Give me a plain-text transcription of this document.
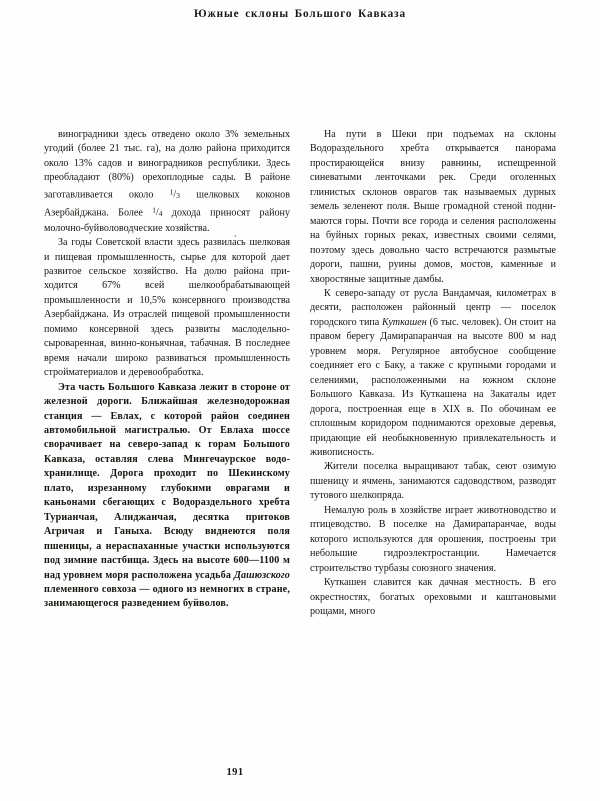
Южные склоны Большого Кавказа

виноградники здесь отведено около 3% земельных угодий (более 21 тыс. га), на долю района приходится около 13% садов и виноградников республики. Здесь преобладают (80%) орехоплодные сады. В районе заготавливается около $^1/_3$ шелковых коконов Азербайджана. Более $^1/_4$ дохода приносят району молочно-буйволоводческие хозяйства.

За годы Советской власти здесь развила́сь шелковая и пищевая промышленность, сырье для которой дает развитое сельское хозяйство. На долю района приходится 67% всей шелкообрабатывающей промышленности и 10,5% консервного производства Азербайджана. Из отраслей пищевой промышленности помимо консервной здесь развиты маслодельно-сыроваренная, винно-коньячная, табачная. В последнее время начали широко развиваться промышленность стройматериалов и деревообработка.

Эта часть Большого Кавказа лежит в стороне от железной дороги. Ближайшая железнодорожная станция — Евлах, с которой район соединен автомобильной магистралью. От Евлаха шоссе сворачивает на северо-запад к горам Большого Кавказа, оставляя слева Мингечаурское водохранилище. Дорога проходит по Шекинскому плато, изрезанному глубокими оврагами и каньонами сбегающих с Водораздельного хребта Турианчая, Алиджанчая, десятка притоков Агричая и Ганыха. Всюду виднеются поля пшеницы, а нераспаханные участки используются под зимние пастбища. Здесь на высоте 600—1100 м над уровнем моря расположена усадьба Дашюзского племенного совхоза — одного из немногих в стране, занимающегося разведением буйволов.

На пути в Шеки при подъемах на склоны Водораздельного хребта открывается панорама простирающейся внизу равнины, испещренной синеватыми ленточками рек. Среди оголенных глинистых склонов оврагов так называемых дурных земель зеленеют поля. Выше громадной стеной поднимаются горы. Почти все города и селения расположены на буйных горных реках, известных своими селями, поэтому здесь довольно часто встречаются размытые дороги, пашни, руины домов, мостов, каменные и хворостяные защитные дамбы.

К северо-западу от русла Вандамчая, километрах в десяти, расположен районный центр — поселок городского типа Куткашен (6 тыс. человек). Он стоит на правом берегу Дамирапаранчая на высоте 800 м над уровнем моря. Регулярное автобусное сообщение соединяет его с Баку, а также с крупными городами и селениями, расположенными на южном склоне Большого Кавказа. Из Куткашена на Закаталы идет дорога, построенная еще в XIX в. По обочинам ее сплошным коридором поднимаются ореховые деревья, придающие ей необыкновенную привлекательность и живописность.

Жители поселка выращивают табак, сеют озимую пшеницу и ячмень, занимаются садоводством, разводят тутового шелкопряда.

Немалую роль в хозяйстве играет животноводство и птицеводство. В поселке на Дамирапаранчае, воды которого используются для орошения, построены три небольшие гидроэлектростанции. Намечается строительство турбазы союзного значения.

Куткашен славится как дачная местность. В его окрестностях, богатых ореховыми и каштановыми рощами, много

191
